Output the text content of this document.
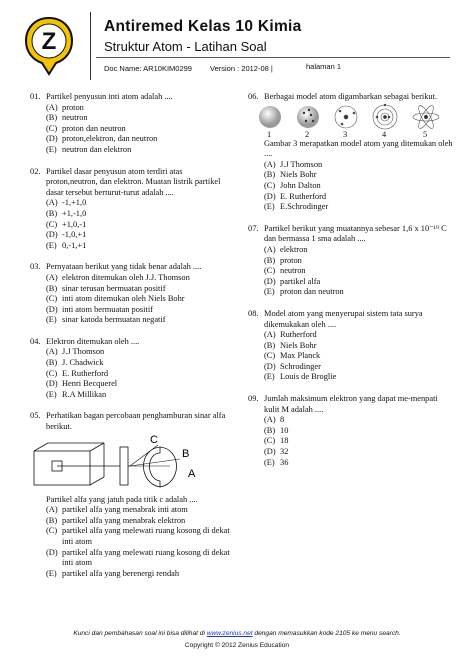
Z
Antiremed Kelas 10 Kimia
Struktur Atom - Latihan Soal
Doc Name: AR10KIM0299 Version : 2012-08 |	halaman 1
01. Partikel penyusun inti atom adalah ....
(A) proton
(B) neutron
(C) proton dan neutron
(D) proton,elektron, dan neutron
(E) neutron dan elektron
02. Partikel dasar penyusun atom terdiri atas proton,neutron, dan elektron. Muatan listrik partikel dasar tersebut berturut-turut adalah ....
(A) -1,+1,0
(B) +1,-1,0
(C) +1,0,-1
(D) -1,0,+1
(E) 0,-1,+1
03. Pernyataan berikut yang tidak benar adalah ....
(A) elektron ditemukan oleh J.J. Thomson
(B) sinar terusan bermuatan positif
(C) inti atom ditemukan oleh Niels Bohr
(D) inti atom bermuatan positif
(E) sinar katoda bermuatan negatif
04. Elektron ditemukan oleh ....
(A) J.J Thomson
(B) J. Chadwick
(C) E. Rutherford
(D) Henri Becquerel
(E) R.A Millikan
05. Perhatikan bagan percobaan penghamburan sinar alfa berikut.
C
B
A
Partikel alfa yang jatuh pada titik c adalah ....
(A) partikel alfa yang menabrak inti atom
(B) partikel alfa yang menabrak elektron
(C) partikel alfa yang melewati ruang kosong di dekat inti atom
(D) partikel alfa yang melewati ruang kosong di dekat inti atom
(E) partikel alfa yang berenergi rendah
06. Berbagai model atom digambarkan sebagai berikut.
1	2	3	4	5
Gambar 3 merapatkan model atom yang ditemukan oleh ....
(A) J.J Thomson
(B) Niels Bohr
(C) John Dalton
(D) E. Rutherford
(E) E.Schrodinger
07. Partikel berikut yang muatannya sebesar 1,6 x 10⁻¹⁹ C dan bermassa 1 sma adalah ....
(A) elektron
(B) proton
(C) neutron
(D) partikel alfa
(E) proton dan neutron
08. Model atom yang menyerupai sistem tata surya dikemukakan oleh ....
(A) Rutherford
(B) Niels Bohr
(C) Max Planck
(D) Schrodinger
(E) Louis de Broglie
09. Jumlah maksimum elektron yang dapat me-menpati kulit M adalah ....
(A) 8
(B) 10
(C) 18
(D) 32
(E) 36
Kunci dan pembahasan soal ini bisa dilihat di www.zenius.net dengan memasukkan kode 2105 ke menu search.
Copyright © 2012 Zenius Education
